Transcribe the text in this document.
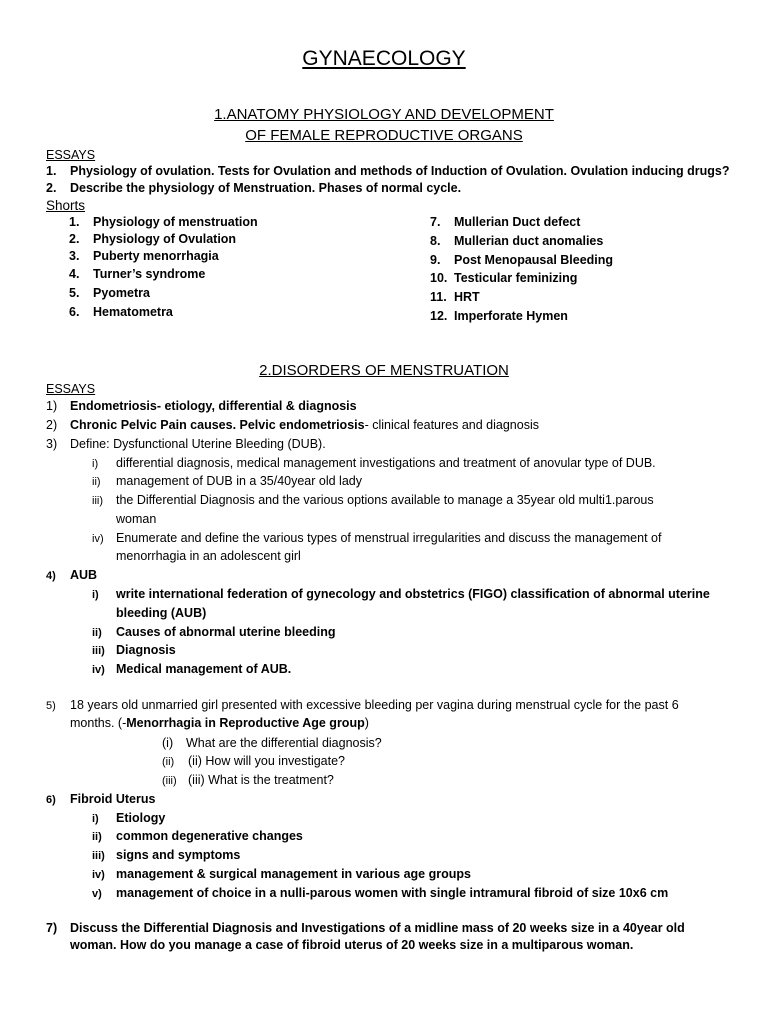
GYNAECOLOGY
1.ANATOMY PHYSIOLOGY AND DEVELOPMENT
OF FEMALE REPRODUCTIVE ORGANS
ESSAYS
1. Physiology of ovulation. Tests for Ovulation and methods of Induction of Ovulation. Ovulation inducing drugs?
2. Describe the physiology of Menstruation. Phases of normal cycle.
Shorts
1. Physiology of menstruation
2. Physiology of Ovulation
3. Puberty menorrhagia
4. Turner’s syndrome
5. Pyometra
6. Hematometra
7. Mullerian Duct defect
8. Mullerian duct anomalies
9. Post Menopausal Bleeding
10. Testicular feminizing
11. HRT
12. Imperforate Hymen
2.DISORDERS OF MENSTRUATION
ESSAYS
1) Endometriosis- etiology, differential & diagnosis
2) Chronic Pelvic Pain causes. Pelvic endometriosis- clinical features and diagnosis
3) Define: Dysfunctional Uterine Bleeding (DUB).
i) differential diagnosis, medical management investigations and treatment of anovular type of DUB.
ii) management of DUB in a 35/40year old lady
iii) the Differential Diagnosis and the various options available to manage a 35year old multi1.parous
woman
iv) Enumerate and define the various types of menstrual irregularities and discuss the management of
menorrhagia in an adolescent girl
4) AUB
i) write international federation of gynecology and obstetrics (FIGO) classification of abnormal uterine
bleeding (AUB)
ii) Causes of abnormal uterine bleeding
iii) Diagnosis
iv) Medical management of AUB.
5) 18 years old unmarried girl presented with excessive bleeding per vagina during menstrual cycle for the past 6
months. (-Menorrhagia in Reproductive Age group)
(i) What are the differential diagnosis?
(ii) (ii) How will you investigate?
(iii) (iii) What is the treatment?
6) Fibroid Uterus
i) Etiology
ii) common degenerative changes
iii) signs and symptoms
iv) management & surgical management in various age groups
v) management of choice in a nulli-parous women with single intramural fibroid of size 10x6 cm
7) Discuss the Differential Diagnosis and Investigations of a midline mass of 20 weeks size in a 40year old
woman. How do you manage a case of fibroid uterus of 20 weeks size in a multiparous woman.
